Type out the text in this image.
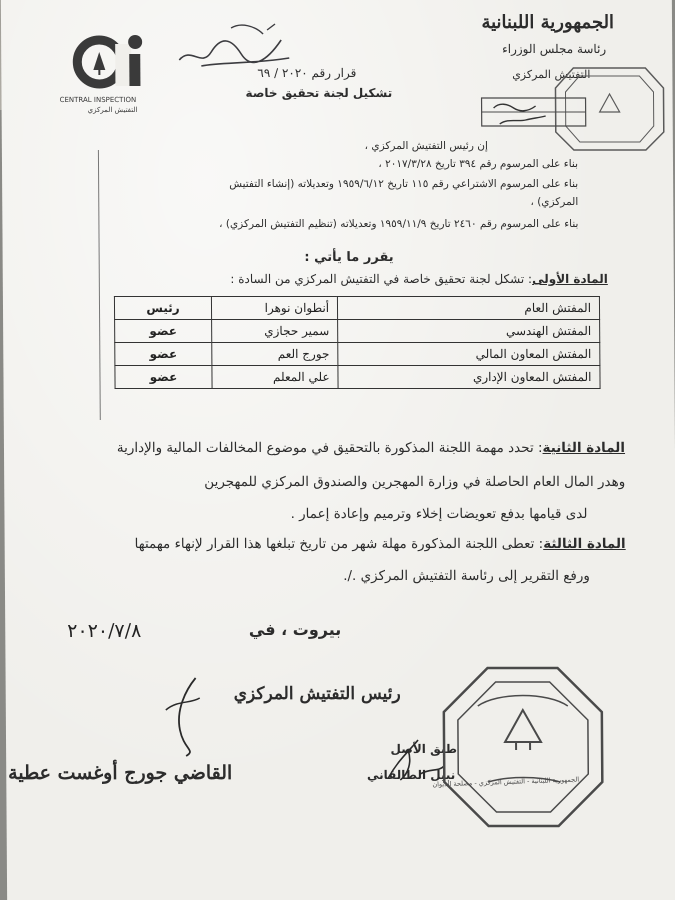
CENTRAL INSPECTION
التفتيش المركزي
الجمهورية اللبنانية
رئاسة مجلس الوزراء
التفتيش المركزي
قرار رقم ٢٠٢٠ / ٦٩
تشكيل لجنة تحقيق خاصة
إن رئيس التفتيش المركزي ،
بناء على المرسوم رقم ٣٩٤ تاريخ ٢٠١٧/٣/٢٨ ،
بناء على المرسوم الاشتراعي رقم ١١٥ تاريخ ١٩٥٩/٦/١٢ وتعديلاته (إنشاء التفتيش
المركزي) ،
بناء على المرسوم رقم ٢٤٦٠ تاريخ ١٩٥٩/١١/٩ وتعديلاته (تنظيم التفتيش المركزي) ،
يقرر ما يأتي :
المادة الأولى: تشكل لجنة تحقيق خاصة في التفتيش المركزي من السادة :
المفتش العام	أنطوان نوهرا	رئيس
المفتش الهندسي	سمير حجازي	عضو
المفتش المعاون المالي	جورج العم	عضو
المفتش المعاون الإداري	علي المعلم	عضو
المادة الثانية: تحدد مهمة اللجنة المذكورة بالتحقيق في موضوع المخالفات المالية والإدارية
وهدر المال العام الحاصلة في وزارة المهجرين والصندوق المركزي للمهجرين
لدى قيامها بدفع تعويضات إخلاء وترميم وإعادة إعمار .
المادة الثالثة: تعطى اللجنة المذكورة مهلة شهر من تاريخ تبلغها هذا القرار لإنهاء مهمتها
ورفع التقرير إلى رئاسة التفتيش المركزي ./.
بيروت ، في
٢٠٢٠/٧/٨
رئيس التفتيش المركزي
القاضي جورج أوغست عطية
طبق الأصل
نبيل الطالقاني
الجمهورية اللبنانية - التفتيش المركزي - مصلحة الديوان
